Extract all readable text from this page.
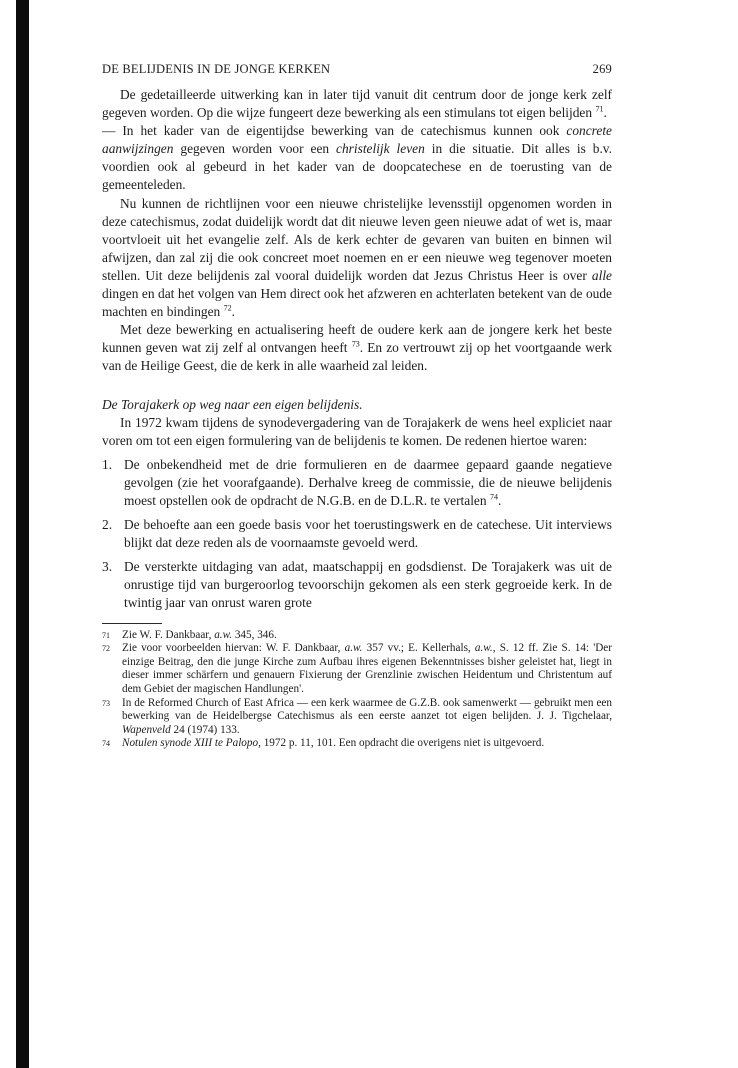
DE BELIJDENIS IN DE JONGE KERKEN	269

De gedetailleerde uitwerking kan in later tijd vanuit dit centrum door de jonge kerk zelf gegeven worden. Op die wijze fungeert deze bewerking als een stimulans tot eigen belijden $^{71}$.

— In het kader van de eigentijdse bewerking van de catechismus kunnen ook concrete aanwijzingen gegeven worden voor een christelijk leven in die situatie. Dit alles is b.v. voordien ook al gebeurd in het kader van de doopcatechese en de toerusting van de gemeenteleden.

Nu kunnen de richtlijnen voor een nieuwe christelijke levensstijl opgenomen worden in deze catechismus, zodat duidelijk wordt dat dit nieuwe leven geen nieuwe adat of wet is, maar voortvloeit uit het evangelie zelf. Als de kerk echter de gevaren van buiten en binnen wil afwijzen, dan zal zij die ook concreet moet noemen en er een nieuwe weg tegenover moeten stellen. Uit deze belijdenis zal vooral duidelijk worden dat Jezus Christus Heer is over alle dingen en dat het volgen van Hem direct ook het afzweren en achterlaten betekent van de oude machten en bindingen $^{72}$.

Met deze bewerking en actualisering heeft de oudere kerk aan de jongere kerk het beste kunnen geven wat zij zelf al ontvangen heeft $^{73}$. En zo vertrouwt zij op het voortgaande werk van de Heilige Geest, die de kerk in alle waarheid zal leiden.

De Torajakerk op weg naar een eigen belijdenis.

In 1972 kwam tijdens de synodevergadering van de Torajakerk de wens heel expliciet naar voren om tot een eigen formulering van de belijdenis te komen. De redenen hiertoe waren:

1. De onbekendheid met de drie formulieren en de daarmee gepaard gaande negatieve gevolgen (zie het voorafgaande). Derhalve kreeg de commissie, die de nieuwe belijdenis moest opstellen ook de opdracht de N.G.B. en de D.L.R. te vertalen $^{74}$.
2. De behoefte aan een goede basis voor het toerustingswerk en de catechese. Uit interviews blijkt dat deze reden als de voornaamste gevoeld werd.
3. De versterkte uitdaging van adat, maatschappij en godsdienst. De Torajakerk was uit de onrustige tijd van burgeroorlog tevoorschijn gekomen als een sterk gegroeide kerk. In de twintig jaar van onrust waren grote

71 Zie W. F. Dankbaar, a.w. 345, 346.

72 Zie voor voorbeelden hiervan: W. F. Dankbaar, a.w. 357 vv.; E. Kellerhals, a.w., S. 12 ff. Zie S. 14: 'Der einzige Beitrag, den die junge Kirche zum Aufbau ihres eigenen Bekenntnisses bisher geleistet hat, liegt in dieser immer schärfern und genauern Fixierung der Grenzlinie zwischen Heidentum und Christentum auf dem Gebiet der magischen Handlungen'.

73 In de Reformed Church of East Africa — een kerk waarmee de G.Z.B. ook samenwerkt — gebruikt men een bewerking van de Heidelbergse Catechismus als een eerste aanzet tot eigen belijden. J. J. Tigchelaar, Wapenveld 24 (1974) 133.

74 Notulen synode XIII te Palopo, 1972 p. 11, 101. Een opdracht die overigens niet is uitgevoerd.
